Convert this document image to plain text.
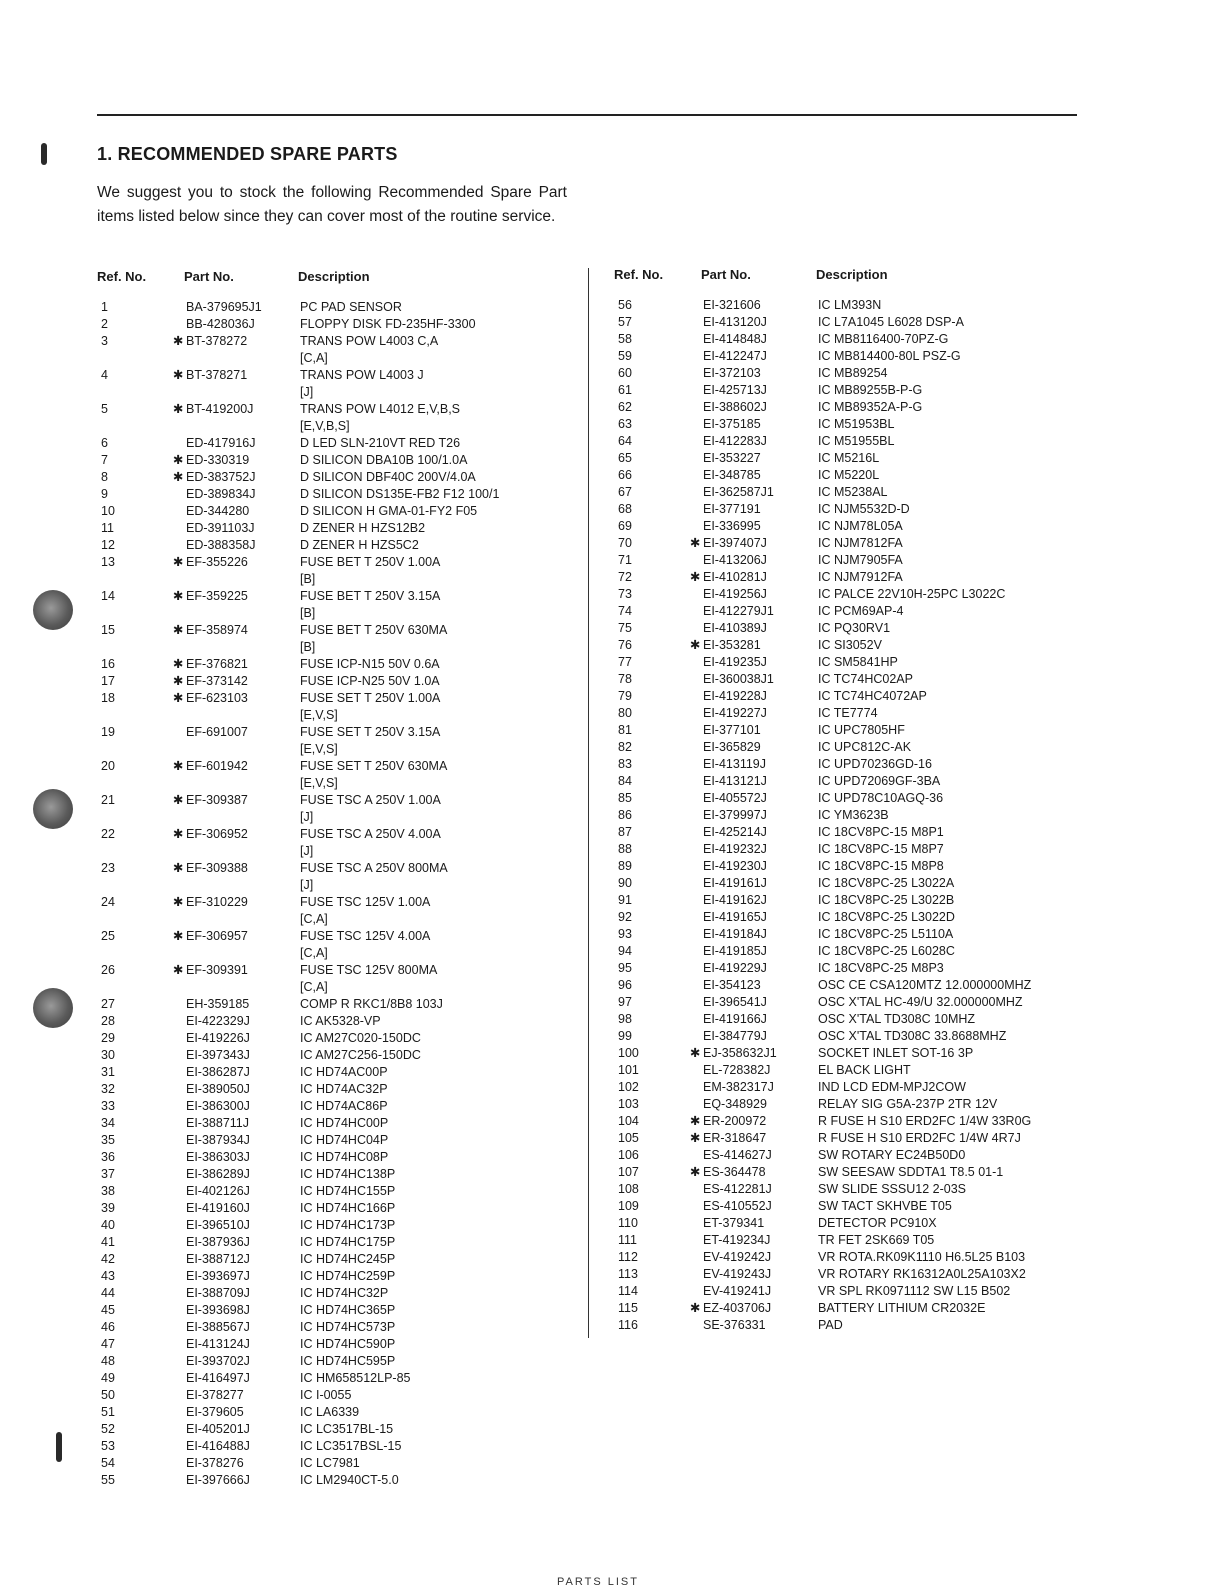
1. RECOMMENDED SPARE PARTS
We suggest you to stock the following Recommended Spare Part items listed below since they can cover most of the routine service.
Ref. No.	Part No.	Description
1	BA-379695J1	PC PAD SENSOR
2	BB-428036J	FLOPPY DISK FD-235HF-3300
3	✱ BT-378272	TRANS POW L4003 C,A
[C,A]
4	✱ BT-378271	TRANS POW L4003 J
[J]
5	✱ BT-419200J	TRANS POW L4012 E,V,B,S
[E,V,B,S]
6	ED-417916J	D LED SLN-210VT RED T26
7	✱ ED-330319	D SILICON DBA10B 100/1.0A
8	✱ ED-383752J	D SILICON DBF40C 200V/4.0A
9	ED-389834J	D SILICON DS135E-FB2 F12 100/1
10	ED-344280	D SILICON H GMA-01-FY2 F05
11	ED-391103J	D ZENER H HZS12B2
12	ED-388358J	D ZENER H HZS5C2
13	✱ EF-355226	FUSE BET T 250V 1.00A
[B]
14	✱ EF-359225	FUSE BET T 250V 3.15A
[B]
15	✱ EF-358974	FUSE BET T 250V 630MA
[B]
16	✱ EF-376821	FUSE ICP-N15 50V 0.6A
17	✱ EF-373142	FUSE ICP-N25 50V 1.0A
18	✱ EF-623103	FUSE SET T 250V 1.00A
[E,V,S]
19	EF-691007	FUSE SET T 250V 3.15A
[E,V,S]
20	✱ EF-601942	FUSE SET T 250V 630MA
[E,V,S]
21	✱ EF-309387	FUSE TSC A 250V 1.00A
[J]
22	✱ EF-306952	FUSE TSC A 250V 4.00A
[J]
23	✱ EF-309388	FUSE TSC A 250V 800MA
[J]
24	✱ EF-310229	FUSE TSC 125V 1.00A
[C,A]
25	✱ EF-306957	FUSE TSC 125V 4.00A
[C,A]
26	✱ EF-309391	FUSE TSC 125V 800MA
[C,A]
27	EH-359185	COMP R RKC1/8B8 103J
28	EI-422329J	IC AK5328-VP
29	EI-419226J	IC AM27C020-150DC
30	EI-397343J	IC AM27C256-150DC
31	EI-386287J	IC HD74AC00P
32	EI-389050J	IC HD74AC32P
33	EI-386300J	IC HD74AC86P
34	EI-388711J	IC HD74HC00P
35	EI-387934J	IC HD74HC04P
36	EI-386303J	IC HD74HC08P
37	EI-386289J	IC HD74HC138P
38	EI-402126J	IC HD74HC155P
39	EI-419160J	IC HD74HC166P
40	EI-396510J	IC HD74HC173P
41	EI-387936J	IC HD74HC175P
42	EI-388712J	IC HD74HC245P
43	EI-393697J	IC HD74HC259P
44	EI-388709J	IC HD74HC32P
45	EI-393698J	IC HD74HC365P
46	EI-388567J	IC HD74HC573P
47	EI-413124J	IC HD74HC590P
48	EI-393702J	IC HD74HC595P
49	EI-416497J	IC HM658512LP-85
50	EI-378277	IC I-0055
51	EI-379605	IC LA6339
52	EI-405201J	IC LC3517BL-15
53	EI-416488J	IC LC3517BSL-15
54	EI-378276	IC LC7981
55	EI-397666J	IC LM2940CT-5.0
Ref. No.	Part No.	Description
56	EI-321606	IC LM393N
57	EI-413120J	IC L7A1045 L6028 DSP-A
58	EI-414848J	IC MB8116400-70PZ-G
59	EI-412247J	IC MB814400-80L PSZ-G
60	EI-372103	IC MB89254
61	EI-425713J	IC MB89255B-P-G
62	EI-388602J	IC MB89352A-P-G
63	EI-375185	IC M51953BL
64	EI-412283J	IC M51955BL
65	EI-353227	IC M5216L
66	EI-348785	IC M5220L
67	EI-362587J1	IC M5238AL
68	EI-377191	IC NJM5532D-D
69	EI-336995	IC NJM78L05A
70	✱ EI-397407J	IC NJM7812FA
71	EI-413206J	IC NJM7905FA
72	✱ EI-410281J	IC NJM7912FA
73	EI-419256J	IC PALCE 22V10H-25PC L3022C
74	EI-412279J1	IC PCM69AP-4
75	EI-410389J	IC PQ30RV1
76	✱ EI-353281	IC SI3052V
77	EI-419235J	IC SM5841HP
78	EI-360038J1	IC TC74HC02AP
79	EI-419228J	IC TC74HC4072AP
80	EI-419227J	IC TE7774
81	EI-377101	IC UPC7805HF
82	EI-365829	IC UPC812C-AK
83	EI-413119J	IC UPD70236GD-16
84	EI-413121J	IC UPD72069GF-3BA
85	EI-405572J	IC UPD78C10AGQ-36
86	EI-379997J	IC YM3623B
87	EI-425214J	IC 18CV8PC-15 M8P1
88	EI-419232J	IC 18CV8PC-15 M8P7
89	EI-419230J	IC 18CV8PC-15 M8P8
90	EI-419161J	IC 18CV8PC-25 L3022A
91	EI-419162J	IC 18CV8PC-25 L3022B
92	EI-419165J	IC 18CV8PC-25 L3022D
93	EI-419184J	IC 18CV8PC-25 L5110A
94	EI-419185J	IC 18CV8PC-25 L6028C
95	EI-419229J	IC 18CV8PC-25 M8P3
96	EI-354123	OSC CE CSA120MTZ 12.000000MHZ
97	EI-396541J	OSC X'TAL HC-49/U 32.000000MHZ
98	EI-419166J	OSC X'TAL TD308C 10MHZ
99	EI-384779J	OSC X'TAL TD308C 33.8688MHZ
100	✱ EJ-358632J1	SOCKET INLET SOT-16 3P
101	EL-728382J	EL BACK LIGHT
102	EM-382317J	IND LCD EDM-MPJ2COW
103	EQ-348929	RELAY SIG G5A-237P 2TR 12V
104	✱ ER-200972	R FUSE H S10 ERD2FC 1/4W 33R0G
105	✱ ER-318647	R FUSE H S10 ERD2FC 1/4W 4R7J
106	ES-414627J	SW ROTARY EC24B50D0
107	✱ ES-364478	SW SEESAW SDDTA1 T8.5 01-1
108	ES-412281J	SW SLIDE SSSU12 2-03S
109	ES-410552J	SW TACT SKHVBE T05
110	ET-379341	DETECTOR PC910X
111	ET-419234J	TR FET 2SK669 T05
112	EV-419242J	VR ROTA.RK09K1110 H6.5L25 B103
113	EV-419243J	VR ROTARY RK16312A0L25A103X2
114	EV-419241J	VR SPL RK0971112 SW L15 B502
115	✱ EZ-403706J	BATTERY LITHIUM CR2032E
116	SE-376331	PAD
PARTS LIST
